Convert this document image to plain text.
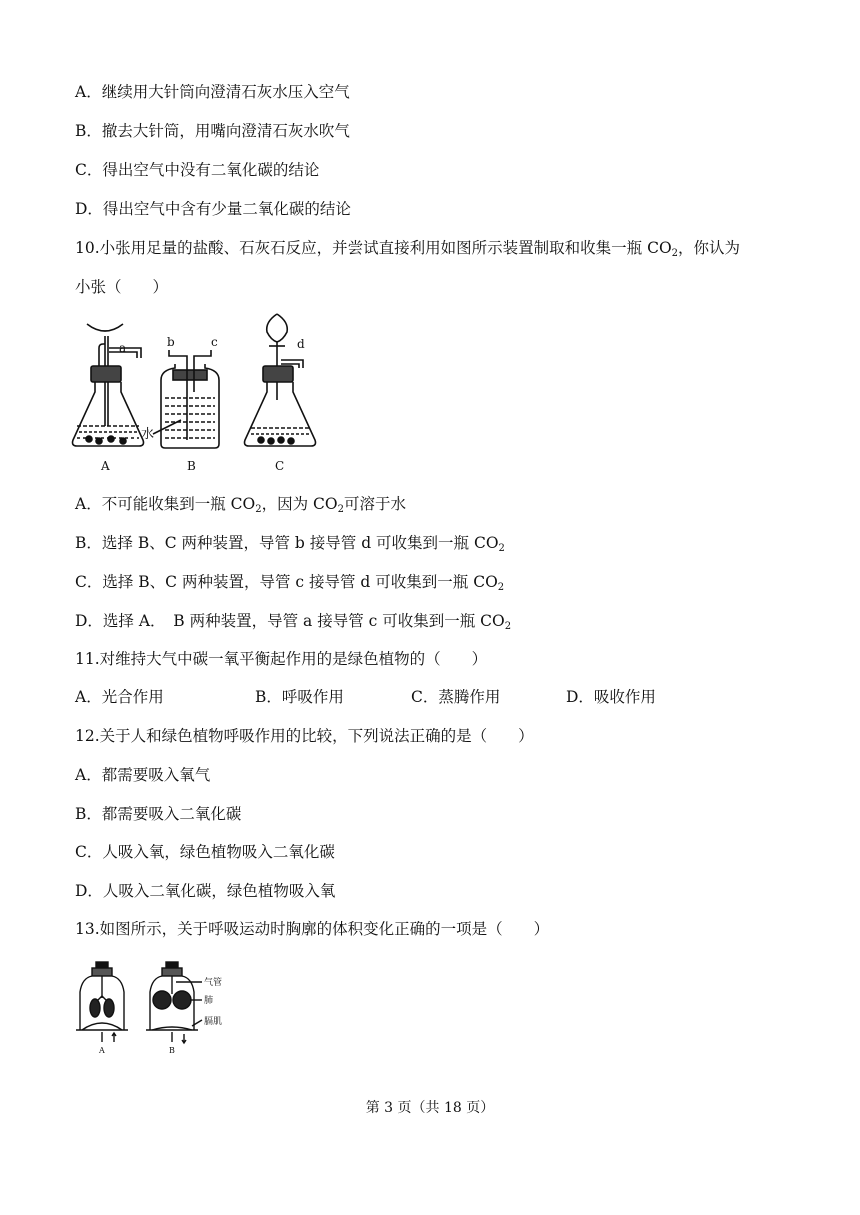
A．继续用大针筒向澄清石灰水压入空气
B．撤去大针筒，用嘴向澄清石灰水吹气
C．得出空气中没有二氧化碳的结论
D．得出空气中含有少量二氧化碳的结论
10.小张用足量的盐酸、石灰石反应，并尝试直接利用如图所示装置制取和收集一瓶 $CO_2$，你认为
小张（　　）
a	b	c	d
水
A	B	C
A．不可能收集到一瓶 $CO_2$，因为 $CO_2$可溶于水
B．选择 B、C 两种装置，导管 b 接导管 d 可收集到一瓶 $CO_2$
C．选择 B、C 两种装置，导管 c 接导管 d 可收集到一瓶 $CO_2$
D．选择 A．　B 两种装置，导管 a 接导管 c 可收集到一瓶 $CO_2$
11.对维持大气中碳一氧平衡起作用的是绿色植物的（　　）
A．光合作用	B．呼吸作用	C．蒸腾作用	D．吸收作用
12.关于人和绿色植物呼吸作用的比较，下列说法正确的是（　　）
A．都需要吸入氧气
B．都需要吸入二氧化碳
C．人吸入氧，绿色植物吸入二氧化碳
D．人吸入二氧化碳，绿色植物吸入氧
13.如图所示，关于呼吸运动时胸廓的体积变化正确的一项是（　　）
气管
肺
膈肌
A	B
第 3 页（共 18 页）
